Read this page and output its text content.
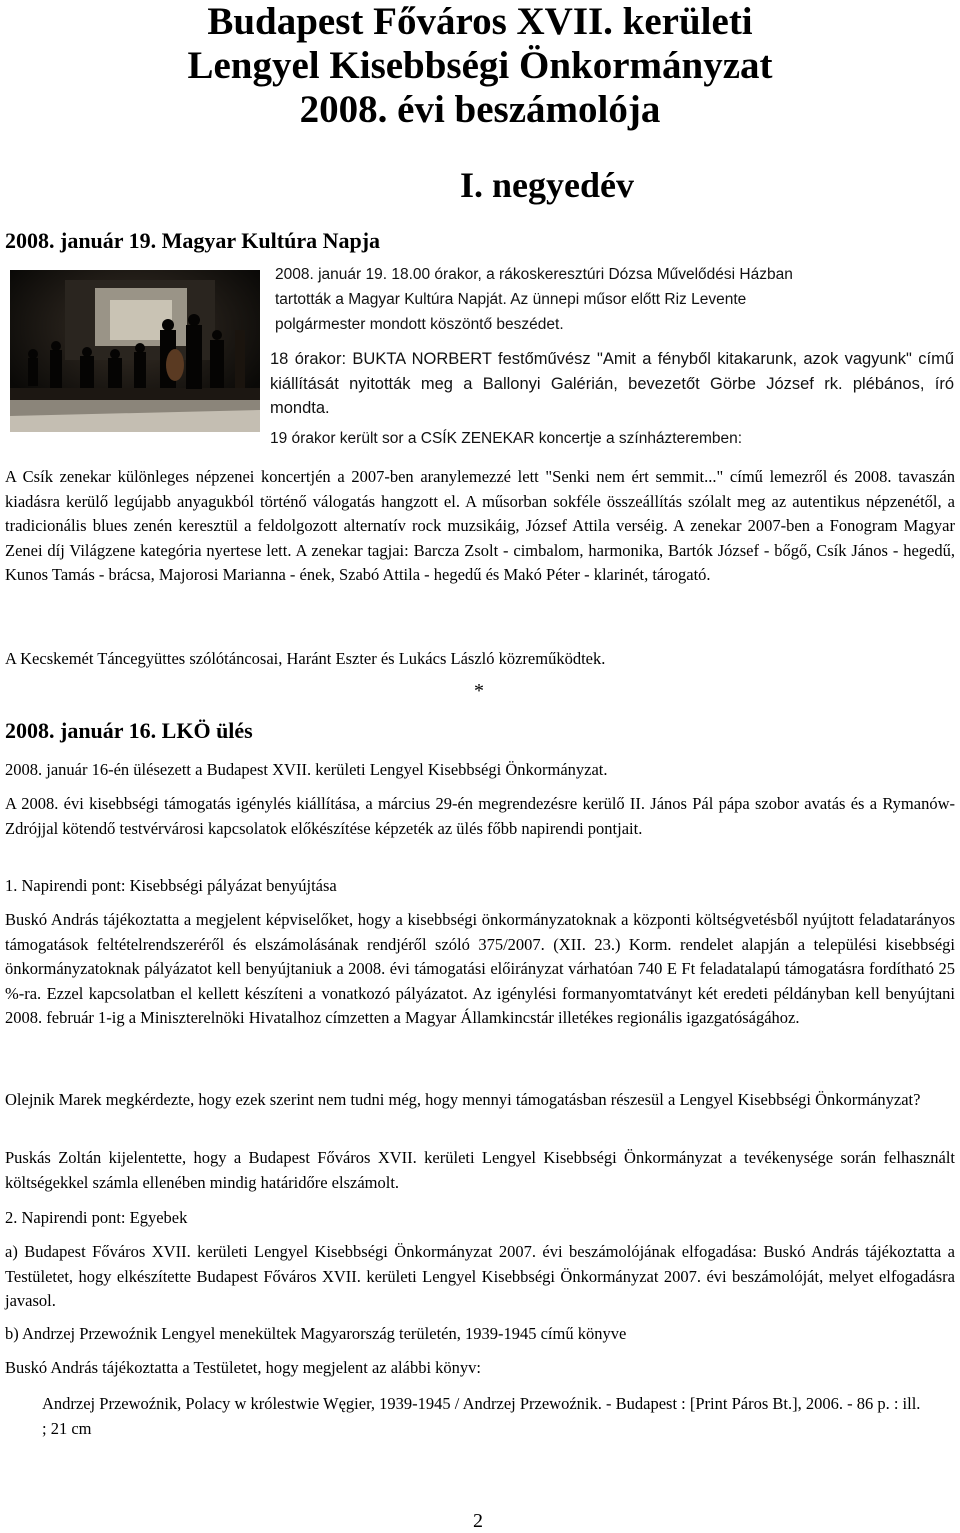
Budapest Főváros XVII. kerületi
Lengyel Kisebbségi Önkormányzat
2008. évi beszámolója
I. negyedév
2008. január 19. Magyar Kultúra Napja
2008. január 19. 18.00 órakor, a rákoskeresztúri Dózsa Művelődési Házban
tartották a Magyar Kultúra Napját. Az ünnepi műsor előtt Riz Levente
polgármester mondott köszöntő beszédet.

18 órakor: BUKTA NORBERT festőművész "Amit a fényből kitakarunk, azok vagyunk" című kiállítását nyitották meg a Ballonyi Galérián, bevezetőt Görbe József rk. plébános, író mondta.

19 órakor került sor a CSÍK ZENEKAR koncertje a színházteremben:

A Csík zenekar különleges népzenei koncertjén a 2007-ben aranylemezzé lett "Senki nem ért semmit..." című lemezről és 2008. tavaszán kiadásra kerülő legújabb anyagukból történő válogatás hangzott el. A műsorban sokféle összeállítás szólalt meg az autentikus népzenétől, a tradicionális blues zenén keresztül a feldolgozott alternatív rock muzsikáig, József Attila verséig. A zenekar 2007-ben a Fonogram Magyar Zenei díj Világzene kategória nyertese lett. A zenekar tagjai: Barcza Zsolt - cimbalom, harmonika, Bartók József - bőgő, Csík János - hegedű, Kunos Tamás - brácsa, Majorosi Marianna - ének, Szabó Attila - hegedű és Makó Péter - klarinét, tárogató.

A Kecskemét Táncegyüttes szólótáncosai, Haránt Eszter és Lukács László közreműködtek.

*
2008. január 16. LKÖ ülés

2008. január 16-én ülésezett a Budapest XVII. kerületi Lengyel Kisebbségi Önkormányzat.

A 2008. évi kisebbségi támogatás igénylés kiállítása, a március 29-én megrendezésre kerülő II. János Pál pápa szobor avatás és a Rymanów-Zdrójjal kötendő testvérvárosi kapcsolatok előkészítése képzeték az ülés főbb napirendi pontjait.

1. Napirendi pont: Kisebbségi pályázat benyújtása

Buskó András tájékoztatta a megjelent képviselőket, hogy a kisebbségi önkormányzatoknak a központi költségvetésből nyújtott feladatarányos támogatások feltételrendszeréről és elszámolásának rendjéről szóló 375/2007. (XII. 23.) Korm. rendelet alapján a települési kisebbségi önkormányzatoknak pályázatot kell benyújtaniuk a 2008. évi támogatási előirányzat várhatóan 740 E Ft feladatalapú támogatásra fordítható 25 %-ra. Ezzel kapcsolatban el kellett készíteni a vonatkozó pályázatot. Az igénylési formanyomtatványt két eredeti példányban kell benyújtani 2008. február 1-ig a Miniszterelnöki Hivatalhoz címzetten a Magyar Államkincstár illetékes regionális igazgatóságához.

Olejnik Marek megkérdezte, hogy ezek szerint nem tudni még, hogy mennyi támogatásban részesül a Lengyel Kisebbségi Önkormányzat?

Puskás Zoltán kijelentette, hogy a Budapest Főváros XVII. kerületi Lengyel Kisebbségi Önkormányzat a tevékenysége során felhasznált költségekkel számla ellenében mindig határidőre elszámolt.

2. Napirendi pont: Egyebek

a) Budapest Főváros XVII. kerületi Lengyel Kisebbségi Önkormányzat 2007. évi beszámolójának elfogadása: Buskó András tájékoztatta a Testületet, hogy elkészítette Budapest Főváros XVII. kerületi Lengyel Kisebbségi Önkormányzat 2007. évi beszámolóját, melyet elfogadásra javasol.

b) Andrzej Przewoźnik Lengyel menekültek Magyarország területén, 1939-1945 című könyve

Buskó András tájékoztatta a Testületet, hogy megjelent az alábbi könyv:

Andrzej Przewoźnik, Polacy w królestwie Węgier, 1939-1945 / Andrzej Przewoźnik. - Budapest : [Print Páros Bt.], 2006. - 86 p. : ill. ; 21 cm

2
